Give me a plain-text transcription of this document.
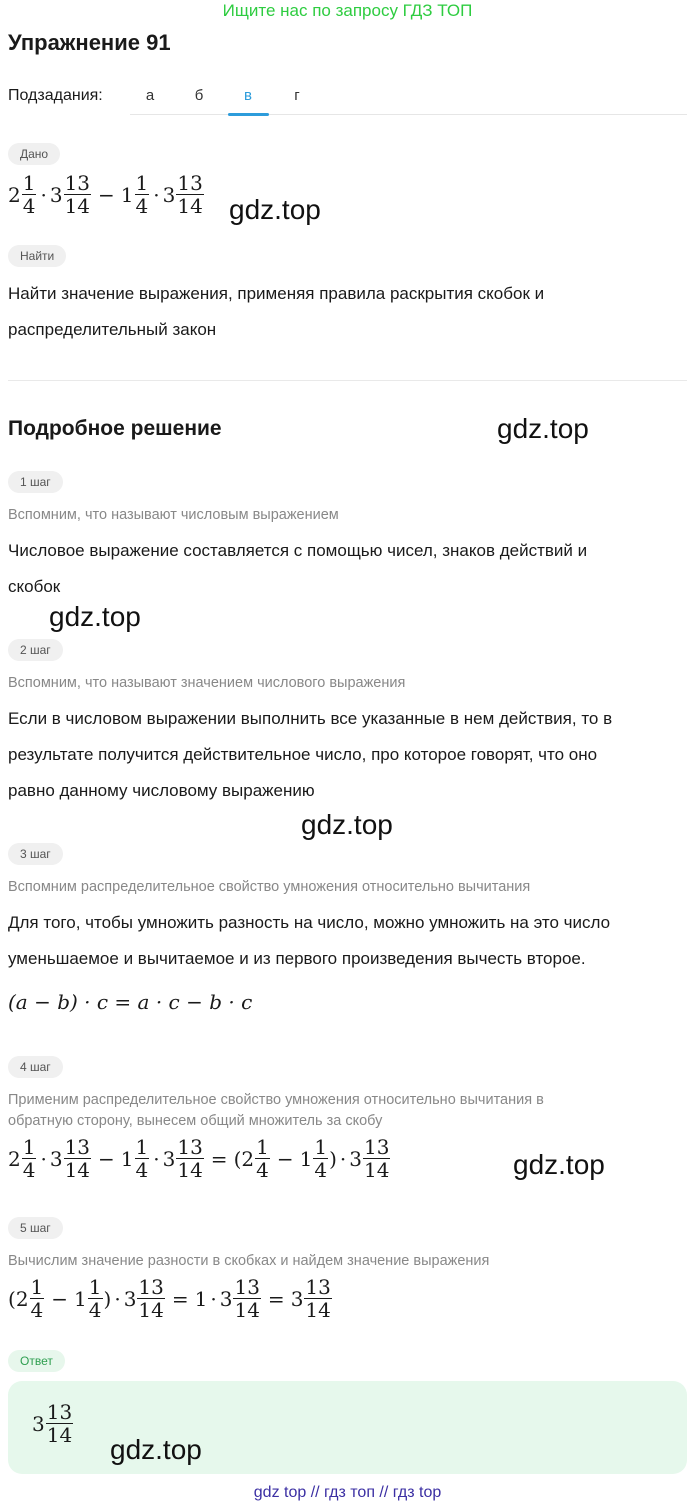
Ищите нас по запросу ГДЗ ТОП
Упражнение 91
Подзадания:	а	б	в	г
Дано
$2 \frac{1}{4} \cdot 3 \frac{13}{14} - 1 \frac{1}{4} \cdot 3 \frac{13}{14} gdz.top$
Найти
Найти значение выражения, применяя правила раскрытия скобок и
распределительный закон
Подробное решение	gdz.top
1 шаг
Вспомним, что называют числовым выражением
Числовое выражение составляется с помощью чисел, знаков действий и
скобок
gdz.top
2 шаг
Вспомним, что называют значением числового выражения
Если в числовом выражении выполнить все указанные в нем действия, то в
результате получится действительное число, про которое говорят, что оно
равно данному числовому выражению
gdz.top
3 шаг
Вспомним распределительное свойство умножения относительно вычитания
Для того, чтобы умножить разность на число, можно умножить на это число
уменьшаемое и вычитаемое и из первого произведения вычесть второе.
(a − b) · c = a · c − b · c
4 шаг
Применим распределительное свойство умножения относительно вычитания в
обратную сторону, вынесем общий множитель за скобу
$2 \frac{1}{4} \cdot 3 \frac{13}{14} - 1 \frac{1}{4} \cdot 3 \frac{13}{14}$ = ( $2 \frac{1}{4} - 1 \frac{1}{4}$ ) · $3 \frac{13}{14}$	gdz.top
5 шаг
Вычислим значение разности в скобках и найдем значение выражения
( $2 \frac{1}{4} - 1 \frac{1}{4}$ ) · $3 \frac{13}{14} = 1 \cdot 3 \frac{13}{14} = 3 \frac{13}{14}$
Ответ
$3 \frac{13}{14}$
gdz.top
gdz top // гдз топ // гдз top
